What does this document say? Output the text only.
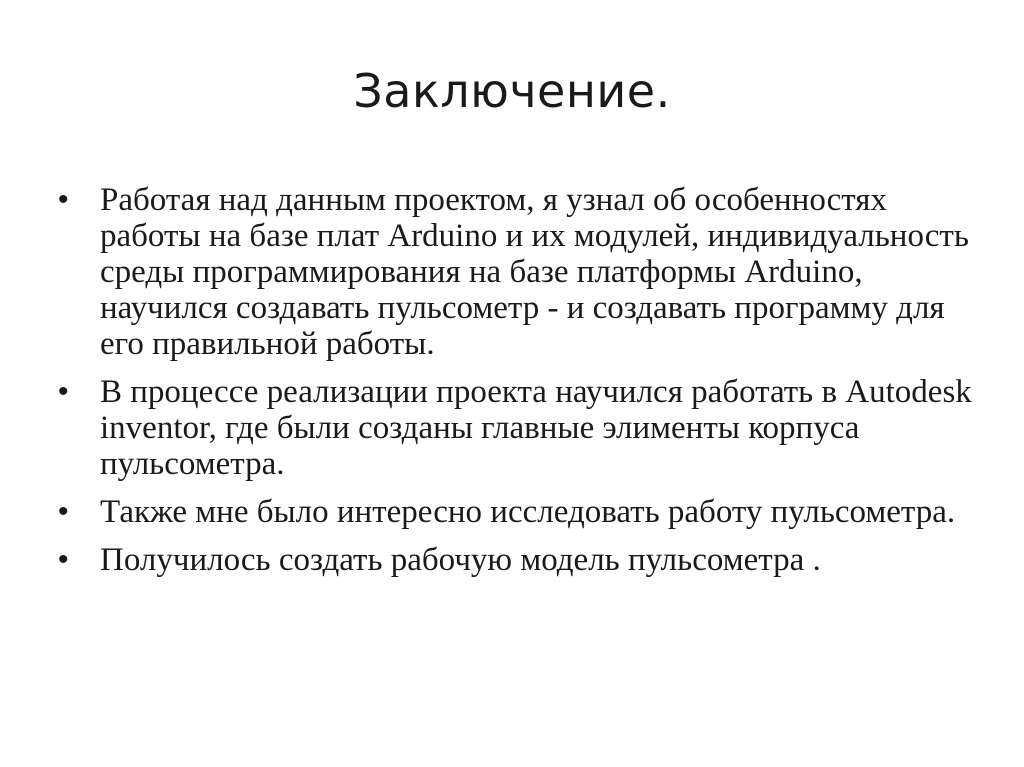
Заключение.
• Работая над данным проектом, я узнал об особенностях работы на базе плат Arduino и их модулей, индивидуальность среды программирования на базе платформы Arduino, научился создавать пульсометр - и создавать программу для его правильной работы.
• В процессе реализации проекта научился работать в Autodesk inventor, где были созданы главные элименты корпуса пульсометра.
• Также мне было интересно исследовать работу пульсометра.
• Получилось создать рабочую модель пульсометра .
